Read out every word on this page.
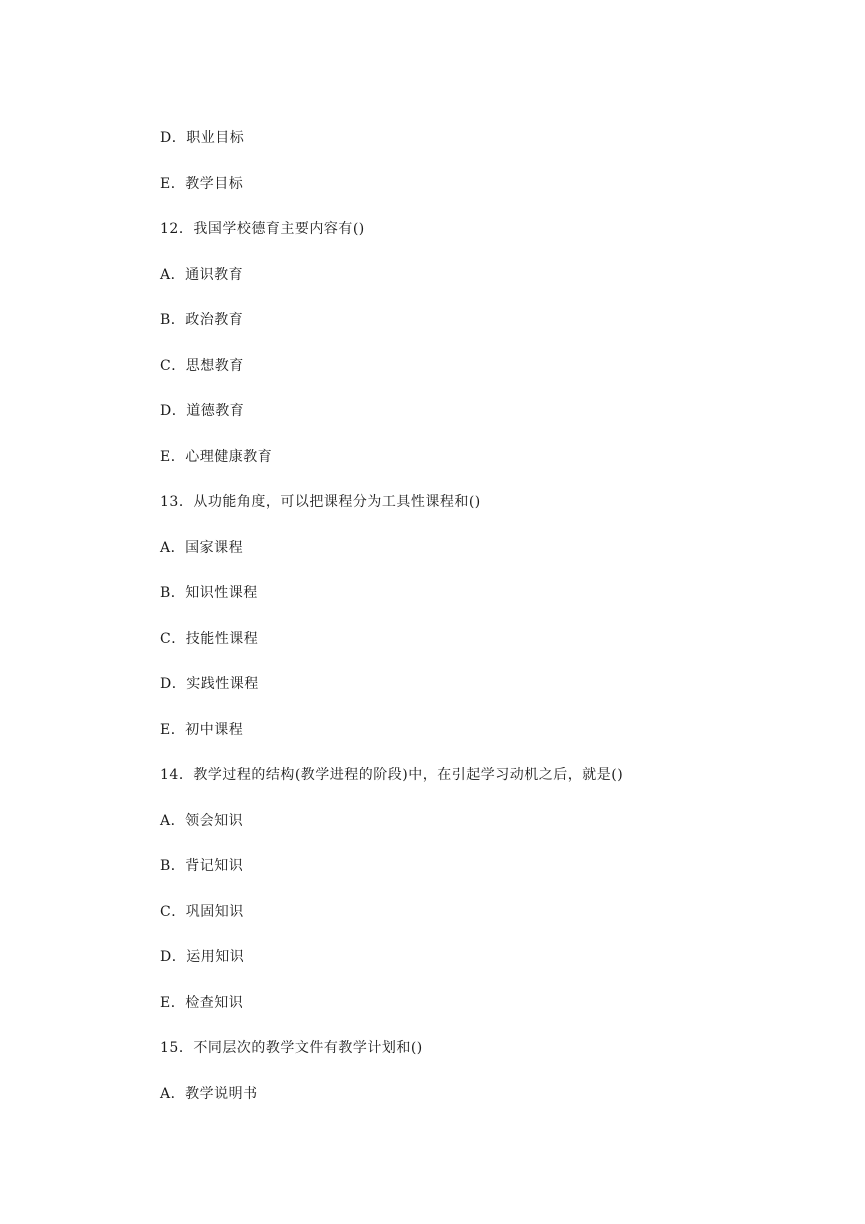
D．职业目标
E．教学目标
12．我国学校德育主要内容有()
A．通识教育
B．政治教育
C．思想教育
D．道德教育
E．心理健康教育
13．从功能角度，可以把课程分为工具性课程和()
A．国家课程
B．知识性课程
C．技能性课程
D．实践性课程
E．初中课程
14．教学过程的结构(教学进程的阶段)中，在引起学习动机之后，就是()
A．领会知识
B．背记知识
C．巩固知识
D．运用知识
E．检查知识
15．不同层次的教学文件有教学计划和()
A．教学说明书
